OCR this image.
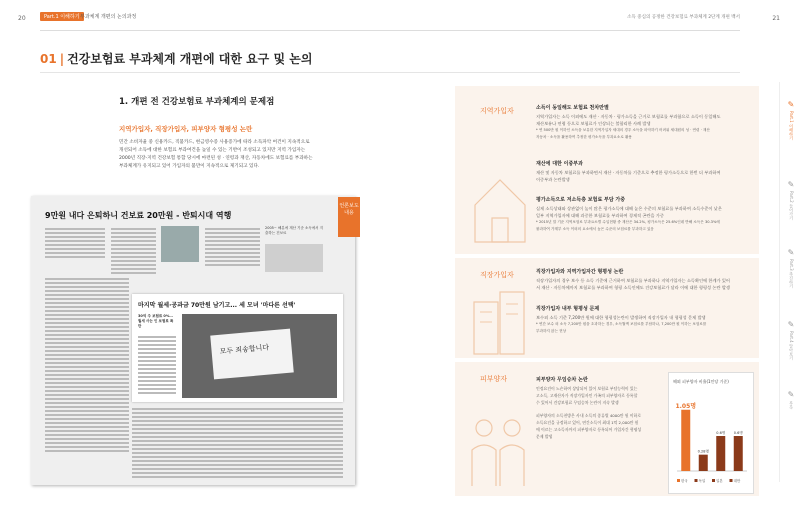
20	Part.1 이해하기 부과체계 개편의 논의과정	소득 중심의 공정한 건강보험료 부과체계 2단계 개편 백서	21
01 | 건강보험료 부과체계 개편에 대한 요구 및 논의
1. 개편 전 건강보험료 부과체계의 문제점
지역가입자, 직장가입자, 피부양자 형평성 논란
민간 소비자율 중 신용카드, 직불카드, 현금영수증 사용증가에 따라 소득파악 여건이 지속적으로
개선되어 소득에 대한 보험료 부과여건을 높일 수 있는 기반이 조성되고 있지만 지역 가입자는
2000년 직장-지역 건강보험 통합 당시에 마련된 성 · 연령과 재산, 자동차에도 보험료를 부과하는
부과체계가 유지되고 있어 가입자의 불만이 지속적으로 제기되고 있다.
9만원 내다 은퇴하니 건보료 20만원 - 반퇴시대 역행
2005~ 해분에 재산 기준 소득에서 지출하는 건보료
마지막 월세·공과금 70만원 남기고... 세 모녀 '마다른 선택'
30억 주 보험료 0%… 월세 사는 인 보험료 폭탄
모두 죄송합니다
언론보도 내용
지역가입자	소득이 동일해도 보험료 천차만별
지역가입자는 소득 이외에도 재산 · 자동차 · 평가소득을 근거로 보험료를 부과함으로 소득이 동일해도
재산보유나 연령 등으로 보험료가 인상되는 불합리한 사례 발생
* 연 500만 원 이하인 소득을 보유한 지역가입자 세대의 경우 소득을 파악하기 어려워 세대원의 성 · 연령 · 재산
자동차 · 소득을 활용하여 추정한 평가소득을 부과요소로 활용
재산에 대한 이중부과
재산 및 자동차 보험료를 부과하면서 재산 · 자동차를 기준으로 추정한 평가소득으로 한번 더 부과하여
이중부과 논란발생
평가소득으로 저소득층 보험료 부담 가중
실제 소득상태와 상관없이 높이 많은 평가소득에 대해 높은 수준의 보험료를 부과하여 소득수준이 낮은
일부 지역가입자에 대해 과중한 보험료를 부과하여 경제적 곤란을 가중
* 2015년 말 기준 지역보험료 부과요소별 수입현황 중 재산은 34.2%, 평가소득은 25.6%인데 반해 소득은 30.3%에
불과하여 가계부 소득 이외의 요소에서 높은 수준의 보험료를 부과하고 있음
직장가입자	직장가입자와 지역가입자간 형평성 논란
직장가입자의 경우 보수 등 소득 기준에 근거하여 보험료를 부과하나 지역가입자는 소득확인에 한계가 있어
서 재산 · 자동차에까지 보험료를 부과하여 형평 소득인에도 건강보험료가 달라 이에 대한 형평성 논란 발생
직장가입자 내부 형평성 문제
보수외 소득 기준 7,200만 원에 대한 형평성논란이 발생하여 직장가입자 내 형평성 문제 발생
* 연간 보수 외 소득 7,200만 원을 초과하는 경우, 소득월액 보험료를 부담하나, 7,200만 원 이하는 보험료를
부과하지 않는 현상
피부양자	피부양자 무임승차 논란
인정요건이 느슨하여 상당되어 있어 보험료 부담능력이 있는
고소득, 고재산자가 직장가입자인 가족의 피부양자로 등록할
수 있어서 건강보험료 무임승차 논란이 지속 발생
피부양자의 소득천방은 사내 소득의 종류별 4000만 원 이하로
소득요건을 규정하고 있어, 연간소득이 최대 1억 2,000만 원
에 이르는 고소득자까지 피부양자로 등록되어 가입자간 형평성
문제 발생
해외 피부양자 비율(1인당 기준)
1.05명
0.28명
0.6명 0.6명
한국	독일	일본	대만
✎
Part.1 이해하기
✎
Part.2 들어가기
✎
Part.3 추진하기
✎
Part.4 알아보기
✎
부록
